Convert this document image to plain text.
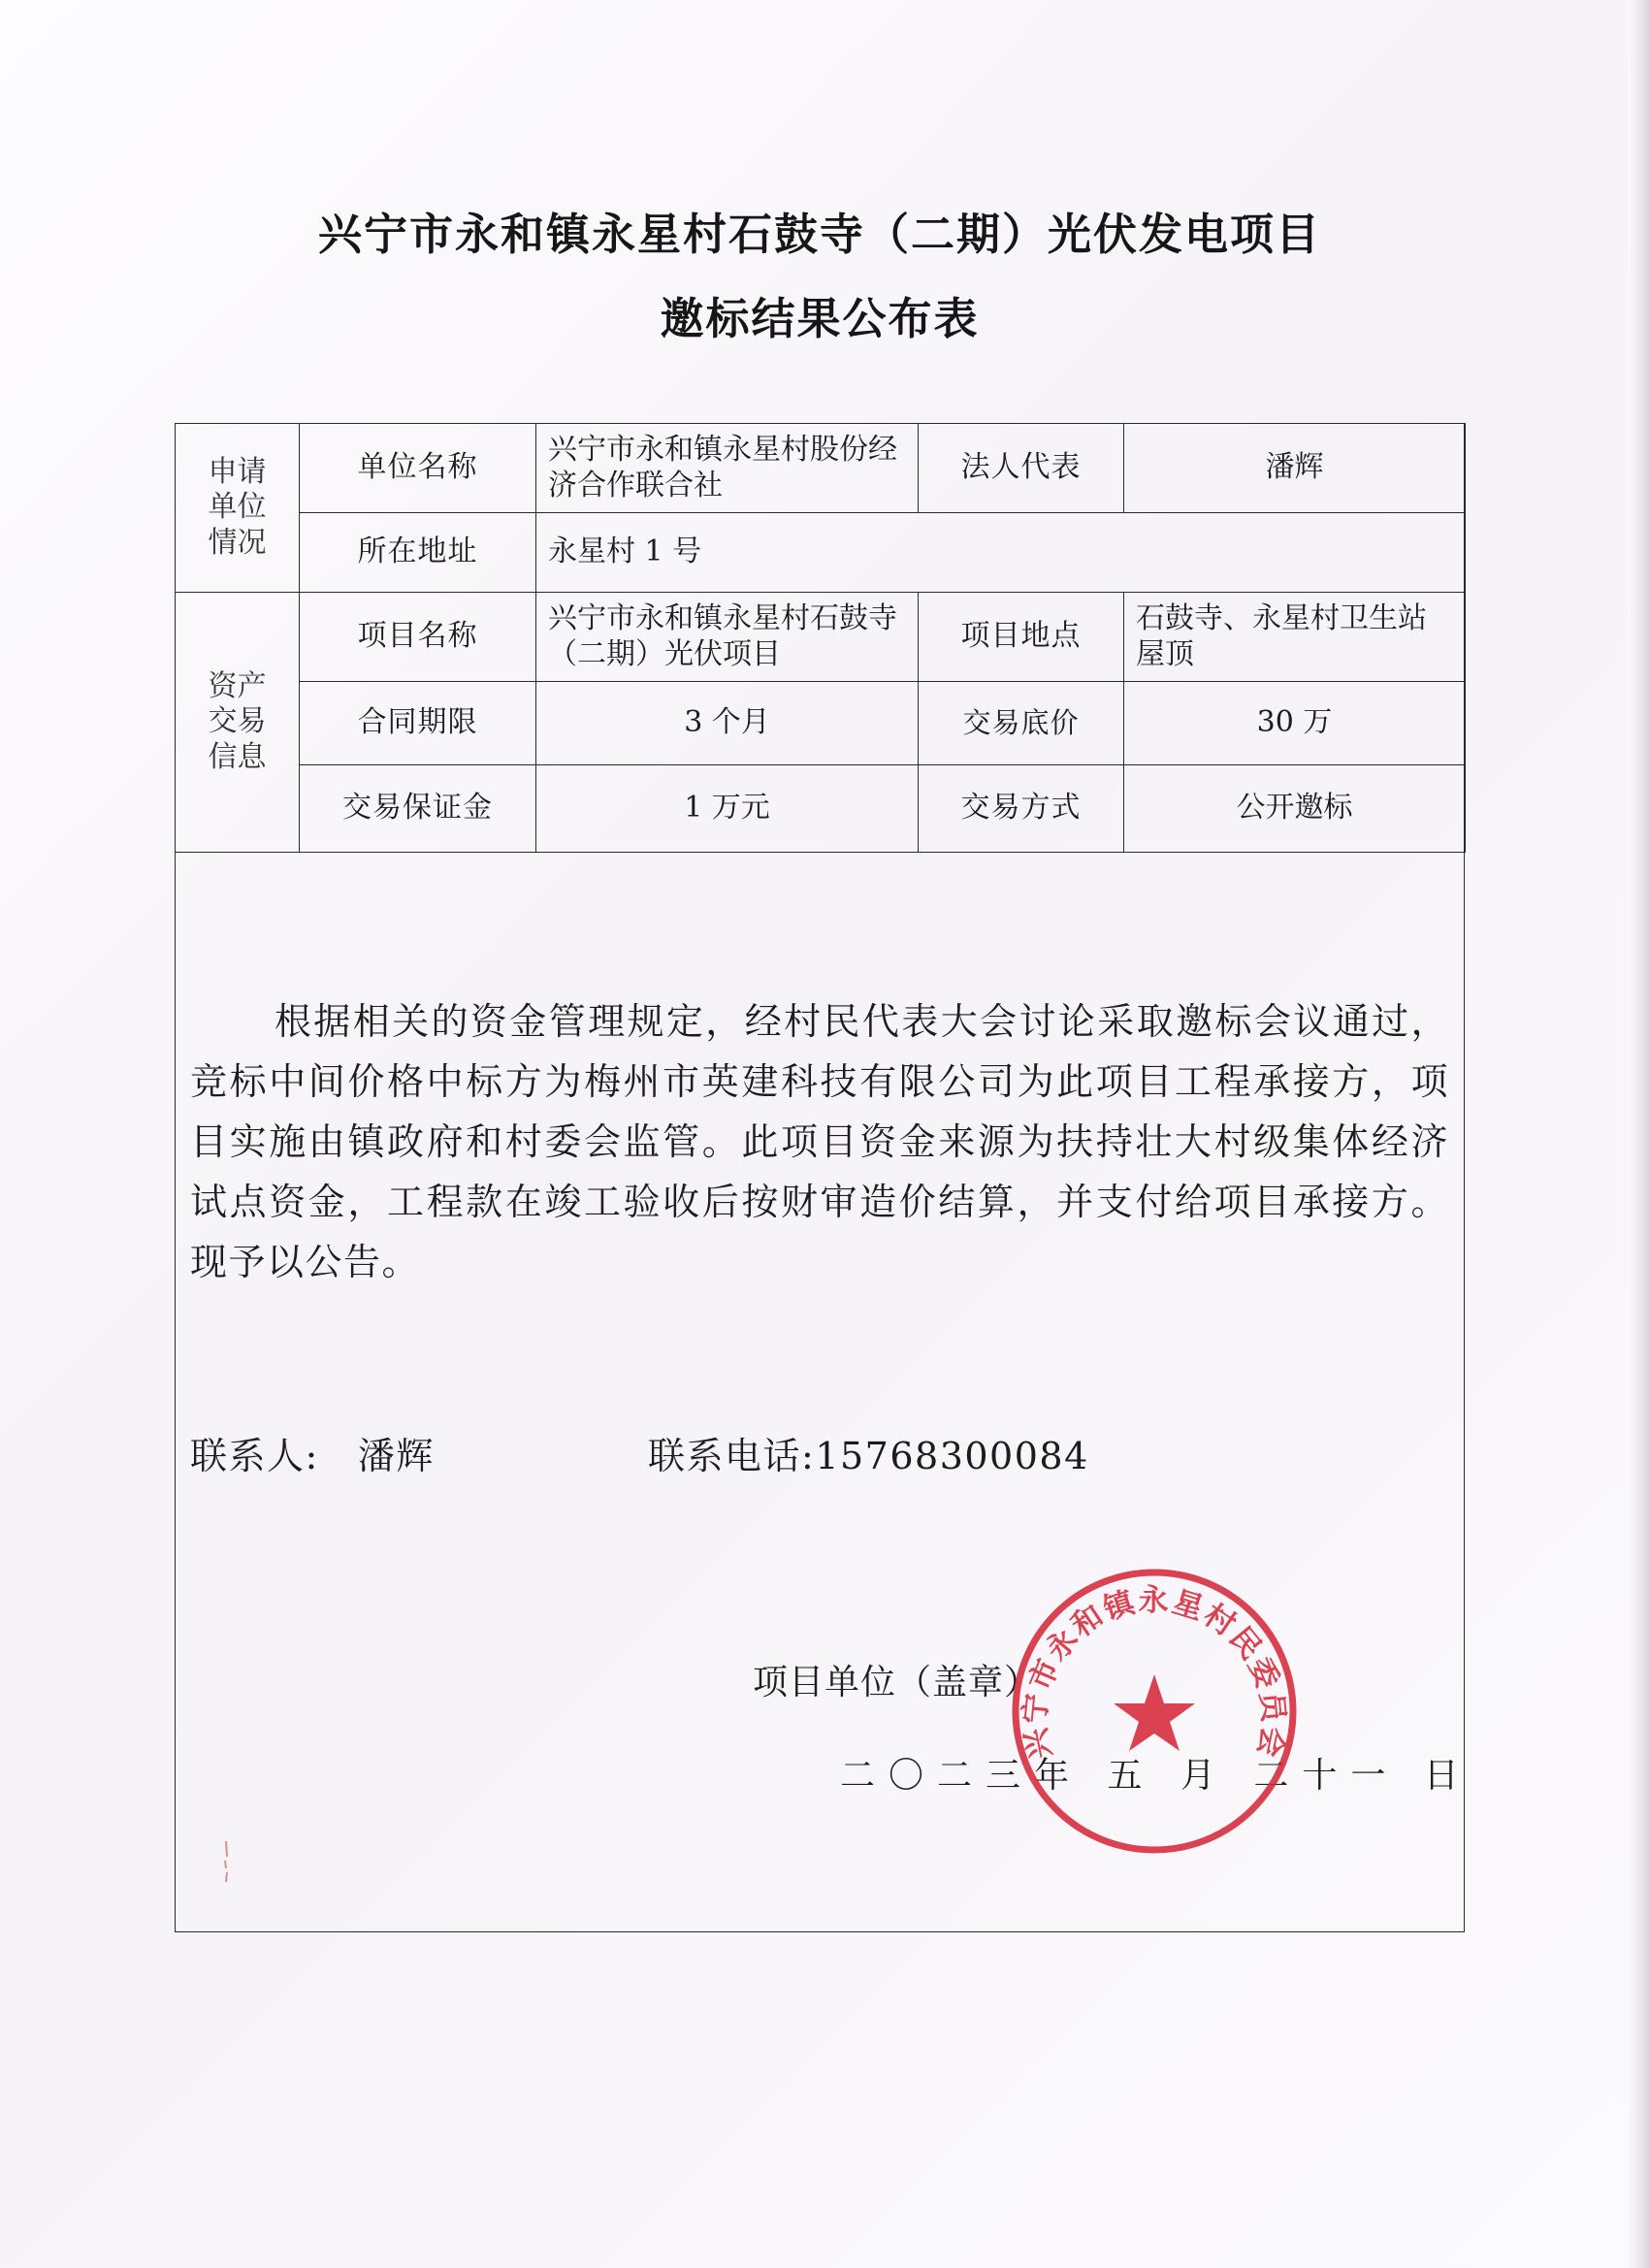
兴宁市永和镇永星村石鼓寺（二期）光伏发电项目
邀标结果公布表
申请
单位
情况	单位名称	兴宁市永和镇永星村股份经济合作联合社	法人代表	潘辉
	所在地址	永星村 1 号		

资产
交易
信息	项目名称	兴宁市永和镇永星村石鼓寺（二期）光伏项目	项目地点	石鼓寺、永星村卫生站屋顶
	合同期限	3 个月	交易底价	30 万
	交易保证金	1 万元	交易方式	公开邀标
根据相关的资金管理规定，经村民代表大会讨论采取邀标会议通过，竞标中间价格中标方为梅州市英建科技有限公司为此项目工程承接方，项目实施由镇政府和村委会监管。此项目资金来源为扶持壮大村级集体经济试点资金，工程款在竣工验收后按财审造价结算，并支付给项目承接方。 现予以公告。
联系人: 潘辉	联系电话:15768300084
项目单位（盖章）
二〇二三年 五 月 二十一 日
兴宁市永和镇永星村民委员会
